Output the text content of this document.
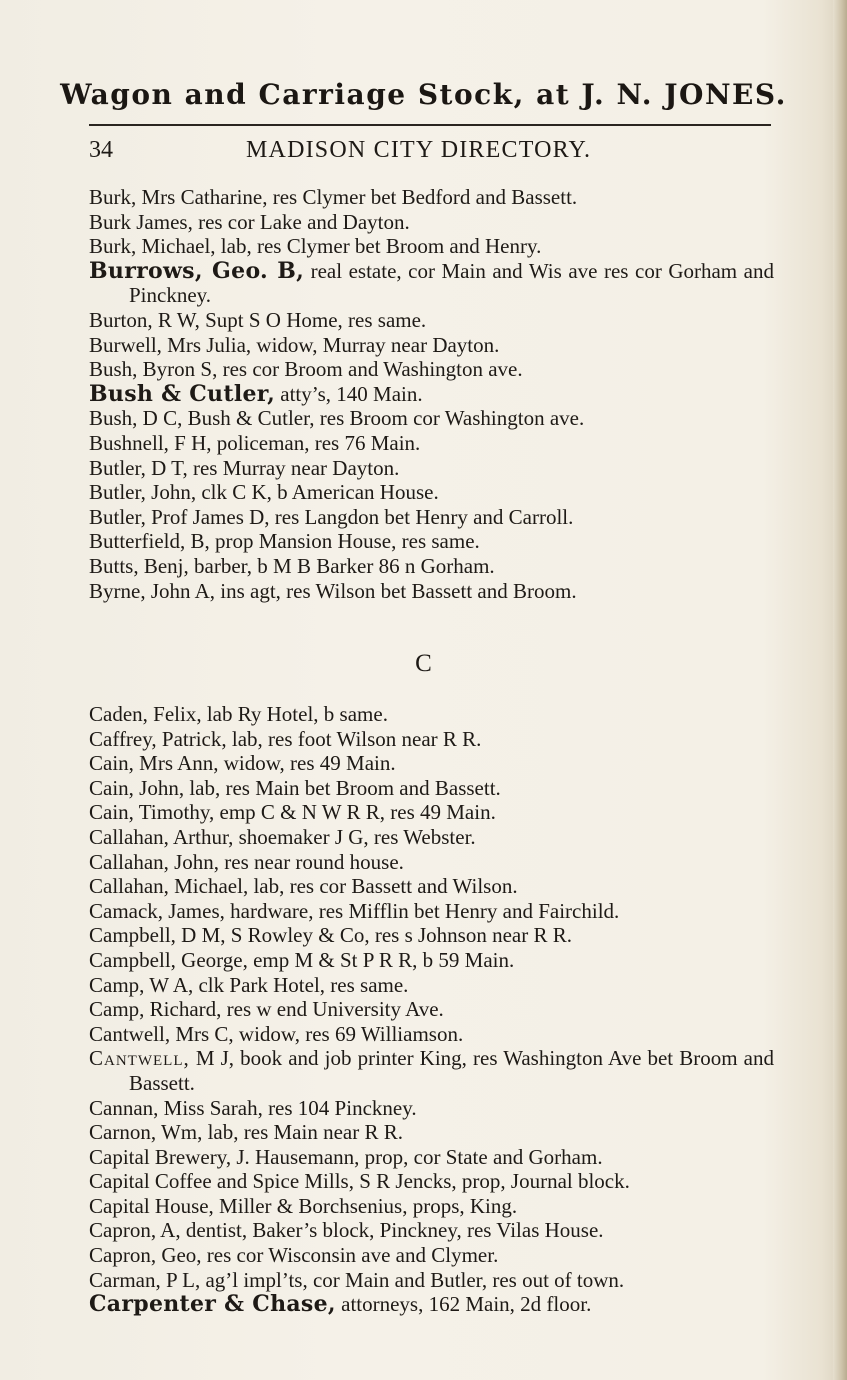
Wagon and Carriage Stock, at J. N. JONES.
34	MADISON CITY DIRECTORY.
Burk, Mrs Catharine, res Clymer bet Bedford and Bassett.
Burk James, res cor Lake and Dayton.
Burk, Michael, lab, res Clymer bet Broom and Henry.
Burrows, Geo. B, real estate, cor Main and Wis ave res cor Gorham and Pinckney.
Burton, R W, Supt S O Home, res same.
Burwell, Mrs Julia, widow, Murray near Dayton.
Bush, Byron S, res cor Broom and Washington ave.
Bush & Cutler, atty’s, 140 Main.
Bush, D C, Bush & Cutler, res Broom cor Washington ave.
Bushnell, F H, policeman, res 76 Main.
Butler, D T, res Murray near Dayton.
Butler, John, clk C K, b American House.
Butler, Prof James D, res Langdon bet Henry and Carroll.
Butterfield, B, prop Mansion House, res same.
Butts, Benj, barber, b M B Barker 86 n Gorham.
Byrne, John A, ins agt, res Wilson bet Bassett and Broom.
C
Caden, Felix, lab Ry Hotel, b same.
Caffrey, Patrick, lab, res foot Wilson near R R.
Cain, Mrs Ann, widow, res 49 Main.
Cain, John, lab, res Main bet Broom and Bassett.
Cain, Timothy, emp C & N W R R, res 49 Main.
Callahan, Arthur, shoemaker J G, res Webster.
Callahan, John, res near round house.
Callahan, Michael, lab, res cor Bassett and Wilson.
Camack, James, hardware, res Mifflin bet Henry and Fairchild.
Campbell, D M, S Rowley & Co, res s Johnson near R R.
Campbell, George, emp M & St P R R, b 59 Main.
Camp, W A, clk Park Hotel, res same.
Camp, Richard, res w end University Ave.
Cantwell, Mrs C, widow, res 69 Williamson.
Cantwell, M J, book and job printer King, res Washington Ave bet Broom and Bassett.
Cannan, Miss Sarah, res 104 Pinckney.
Carnon, Wm, lab, res Main near R R.
Capital Brewery, J. Hausemann, prop, cor State and Gorham.
Capital Coffee and Spice Mills, S R Jencks, prop, Journal block.
Capital House, Miller & Borchsenius, props, King.
Capron, A, dentist, Baker’s block, Pinckney, res Vilas House.
Capron, Geo, res cor Wisconsin ave and Clymer.
Carman, P L, ag’l impl’ts, cor Main and Butler, res out of town.
Carpenter & Chase, attorneys, 162 Main, 2d floor.
